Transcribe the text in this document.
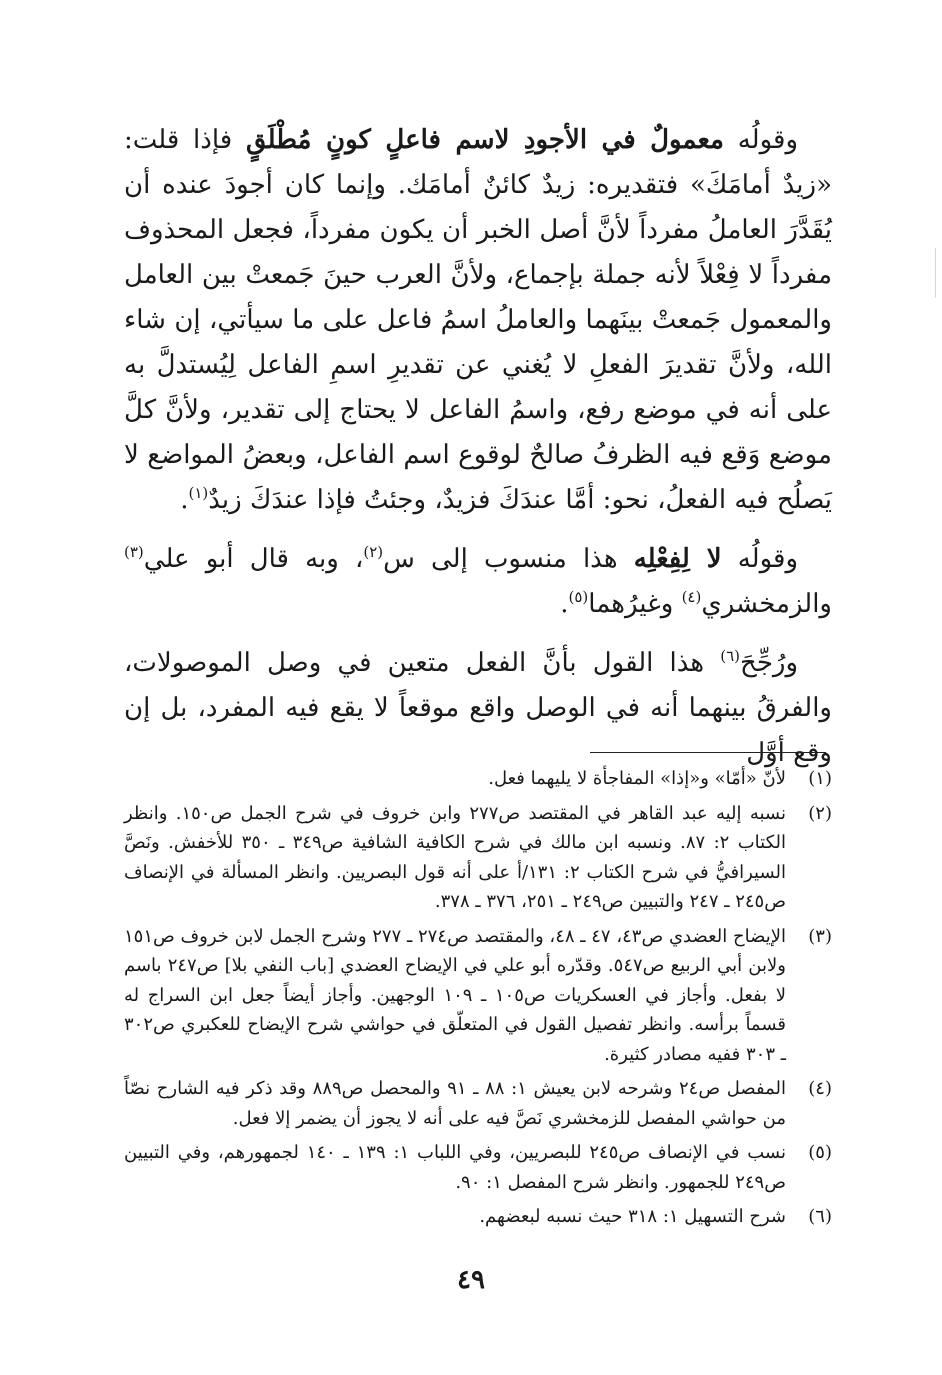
وقولُه معمولٌ في الأجودِ لاسم فاعلٍ كونٍ مُطْلَقٍ فإذا قلت: «زيدٌ أمامَكَ» فتقديره: زيدٌ كائنٌ أمامَك. وإنما كان أجودَ عنده أن يُقَدَّرَ العاملُ مفرداً لأنَّ أصل الخبر أن يكون مفرداً، فجعل المحذوف مفرداً لا فِعْلاً لأنه جملة بإجماع، ولأنَّ العرب حينَ جَمعتْ بين العامل والمعمول جَمعتْ بينَهما والعاملُ اسمُ فاعل على ما سيأتي، إن شاء الله، ولأنَّ تقديرَ الفعلِ لا يُغني عن تقديرِ اسمِ الفاعل لِيُستدلَّ به على أنه في موضع رفع، واسمُ الفاعل لا يحتاج إلى تقدير، ولأنَّ كلَّ موضع وَقع فيه الظرفُ صالحٌ لوقوع اسم الفاعل، وبعضُ المواضع لا يَصلُح فيه الفعلُ، نحو: أمَّا عندَكَ فزيدٌ، وجئتُ فإذا عندَكَ زيدٌ$^{(١)}$.

وقولُه لا لِفِعْلِه هذا منسوب إلى س$^{(٢)}$، وبه قال أبو علي$^{(٣)}$ والزمخشري$^{(٤)}$ وغيرُهما$^{(٥)}$.

ورُجِّحَ$^{(٦)}$ هذا القول بأنَّ الفعل متعين في وصل الموصولات، والفرقُ بينهما أنه في الوصل واقع موقعاً لا يقع فيه المفرد، بل إن وقع أوَّل

(١)
لأنّ «أمّا» و«إذا» المفاجأة لا يليهما فعل.
(٢)
نسبه إليه عبد القاهر في المقتصد ص٢٧٧ وابن خروف في شرح الجمل ص١٥٠. وانظر الكتاب ٢: ٨٧. ونسبه ابن مالك في شرح الكافية الشافية ص٣٤٩ ـ ٣٥٠ للأخفش. ونَصَّ السيرافيُّ في شرح الكتاب ٢: ١٣١/أ على أنه قول البصريين. وانظر المسألة في الإنصاف ص٢٤٥ ـ ٢٤٧ والتبيين ص٢٤٩ ـ ٢٥١، ٣٧٦ ـ ٣٧٨.
(٣)
الإيضاح العضدي ص٤٣، ٤٧ ـ ٤٨، والمقتصد ص٢٧٤ ـ ٢٧٧ وشرح الجمل لابن خروف ص١٥١ ولابن أبي الربيع ص٥٤٧. وقدّره أبو علي في الإيضاح العضدي [باب النفي بلا] ص٢٤٧ باسم لا بفعل. وأجاز في العسكريات ص١٠٥ ـ ١٠٩ الوجهين. وأجاز أيضاً جعل ابن السراج له قسماً برأسه. وانظر تفصيل القول في المتعلّق في حواشي شرح الإيضاح للعكبري ص٣٠٢ ـ ٣٠٣ ففيه مصادر كثيرة.
(٤)
المفصل ص٢٤ وشرحه لابن يعيش ١: ٨٨ ـ ٩١ والمحصل ص٨٨٩ وقد ذكر فيه الشارح نصّاً من حواشي المفصل للزمخشري نَصَّ فيه على أنه لا يجوز أن يضمر إلا فعل.
(٥)
نسب في الإنصاف ص٢٤٥ للبصريين، وفي اللباب ١: ١٣٩ ـ ١٤٠ لجمهورهم، وفي التبيين ص٢٤٩ للجمهور. وانظر شرح المفصل ١: ٩٠.
(٦)
شرح التسهيل ١: ٣١٨ حيث نسبه لبعضهم.
٤٩
